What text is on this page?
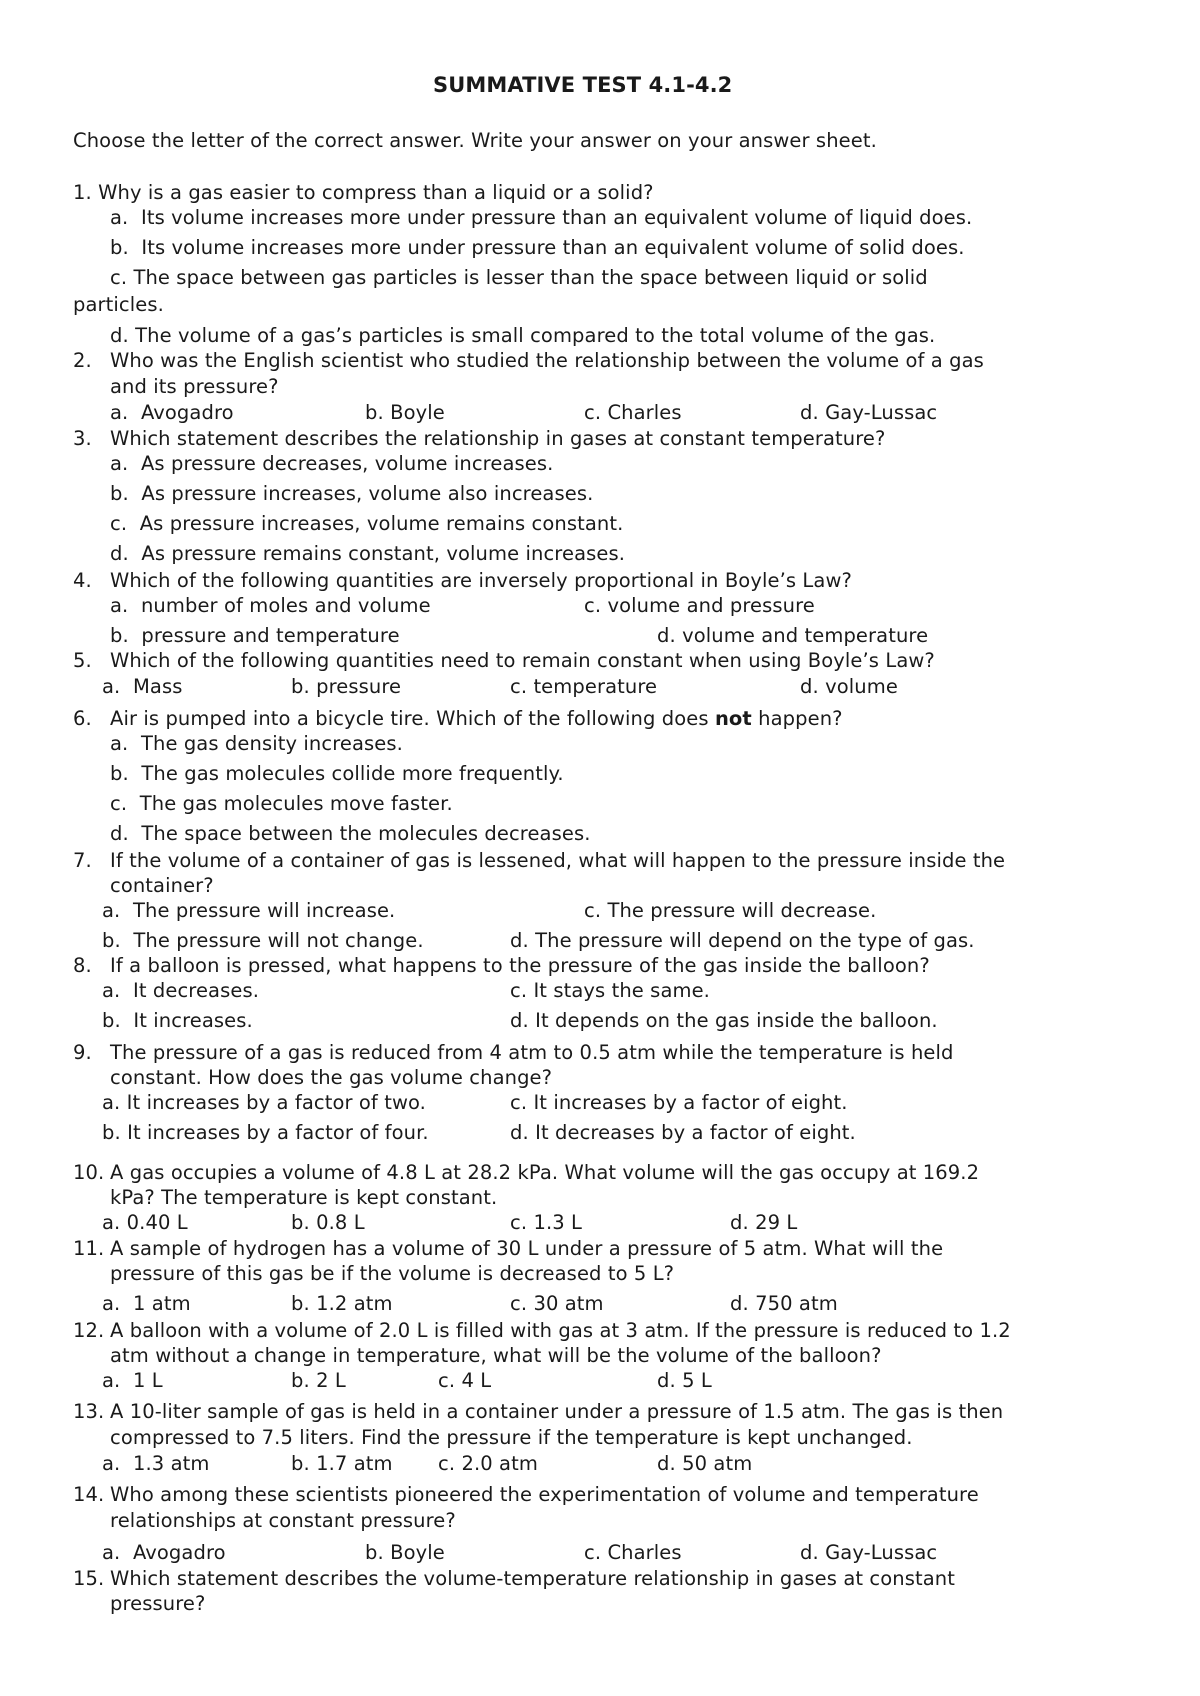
SUMMATIVE TEST 4.1-4.2
Choose the letter of the correct answer. Write your answer on your answer sheet.
1. Why is a gas easier to compress than a liquid or a solid?
a. Its volume increases more under pressure than an equivalent volume of liquid does.
b. Its volume increases more under pressure than an equivalent volume of solid does.
c. The space between gas particles is lesser than the space between liquid or solid
particles.
d. The volume of a gas’s particles is small compared to the total volume of the gas.
2. Who was the English scientist who studied the relationship between the volume of a gas
and its pressure?
a. Avogadro	b. Boyle	c. Charles	d. Gay-Lussac
3. Which statement describes the relationship in gases at constant temperature?
a. As pressure decreases, volume increases.
b. As pressure increases, volume also increases.
c. As pressure increases, volume remains constant.
d. As pressure remains constant, volume increases.
4. Which of the following quantities are inversely proportional in Boyle’s Law?
a. number of moles and volume	c. volume and pressure
b. pressure and temperature	d. volume and temperature
5. Which of the following quantities need to remain constant when using Boyle’s Law?
a. Mass	b. pressure	c. temperature	d. volume
6. Air is pumped into a bicycle tire. Which of the following does not happen?
a. The gas density increases.
b. The gas molecules collide more frequently.
c. The gas molecules move faster.
d. The space between the molecules decreases.
7. If the volume of a container of gas is lessened, what will happen to the pressure inside the
container?
a. The pressure will increase.	c. The pressure will decrease.
b. The pressure will not change.	d. The pressure will depend on the type of gas.
8. If a balloon is pressed, what happens to the pressure of the gas inside the balloon?
a. It decreases.	c. It stays the same.
b. It increases.	d. It depends on the gas inside the balloon.
9. The pressure of a gas is reduced from 4 atm to 0.5 atm while the temperature is held
constant. How does the gas volume change?
a. It increases by a factor of two.	c. It increases by a factor of eight.
b. It increases by a factor of four.	d. It decreases by a factor of eight.
10. A gas occupies a volume of 4.8 L at 28.2 kPa. What volume will the gas occupy at 169.2
kPa? The temperature is kept constant.
a. 0.40 L	b. 0.8 L	c. 1.3 L	d. 29 L
11. A sample of hydrogen has a volume of 30 L under a pressure of 5 atm. What will the
pressure of this gas be if the volume is decreased to 5 L?
a. 1 atm	b. 1.2 atm	c. 30 atm	d. 750 atm
12. A balloon with a volume of 2.0 L is filled with gas at 3 atm. If the pressure is reduced to 1.2
atm without a change in temperature, what will be the volume of the balloon?
a. 1 L	b. 2 L	c. 4 L	d. 5 L
13. A 10-liter sample of gas is held in a container under a pressure of 1.5 atm. The gas is then
compressed to 7.5 liters. Find the pressure if the temperature is kept unchanged.
a. 1.3 atm	b. 1.7 atm c. 2.0 atm	d. 50 atm
14. Who among these scientists pioneered the experimentation of volume and temperature
relationships at constant pressure?
a. Avogadro	b. Boyle	c. Charles	d. Gay-Lussac
15. Which statement describes the volume-temperature relationship in gases at constant
pressure?
